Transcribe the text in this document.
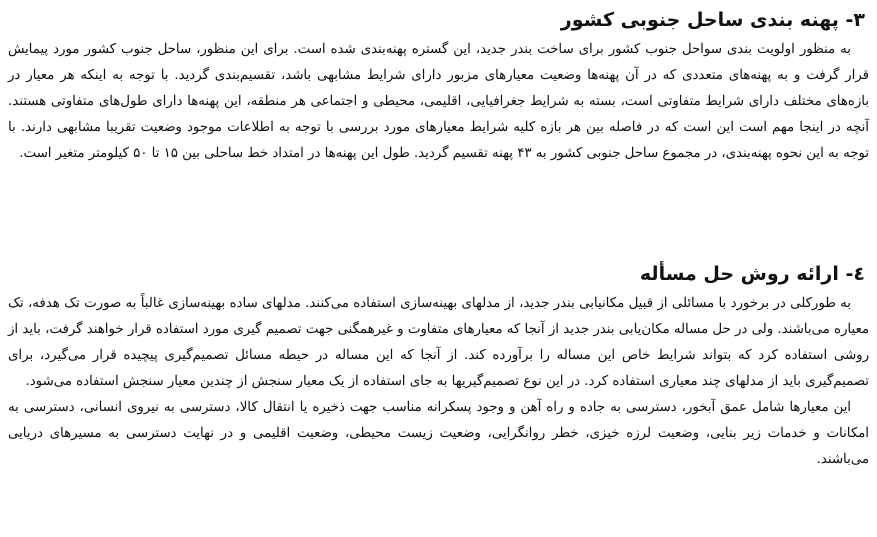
۳- پهنه بندی ساحل جنوبی کشور

به منظور اولویت بندی سواحل جنوب کشور برای ساخت بندر جدید، این گستره پهنه‌بندی شده است. برای این منظور، ساحل جنوب کشور مورد پیمایش قرار گرفت و به پهنه‌های متعددی که در آن پهنه‌ها وضعیت معیارهای مزبور دارای شرایط مشابهی باشد، تقسیم‌بندی گردید. با توجه به اینکه هر معیار در بازه‌های مختلف دارای شرایط متفاوتی است، بسته به شرایط جغرافیایی، اقلیمی، محیطی و اجتماعی هر منطقه، این پهنه‌ها دارای طول‌های متفاوتی هستند. آنچه در اینجا مهم است این است که در فاصله بین هر بازه کلیه شرایط معیارهای مورد بررسی با توجه به اطلاعات موجود وضعیت تقریبا مشابهی دارند. با توجه به این نحوه پهنه‌بندی، در مجموع ساحل جنوبی کشور به ۴۳ پهنه تقسیم گردید. طول این پهنه‌ها در امتداد خط ساحلی بین ۱۵ تا ۵۰ کیلومتر متغیر است.

٤- ارائه روش حل مسأله

به طورکلی در برخورد با مسائلی از قبیل مکانیابی بندر جدید، از مدلهای بهینه‌سازی استفاده می‌کنند. مدلهای ساده بهینه‌سازی غالباً به صورت تک هدفه، تک معیاره می‌باشند. ولی در حل مساله مکان‌یابی بندر جدید از آنجا که معیارهای متفاوت و غیرهمگنی جهت تصمیم گیری مورد استفاده قرار خواهند گرفت، باید از روشی استفاده کرد که بتواند شرایط خاص این مساله را برآورده کند. از آنجا که این مساله در حیطه مسائل تصمیم‌گیری پیچیده قرار می‌گیرد، برای تصمیم‌گیری باید از مدلهای چند معیاری استفاده کرد. در این نوع تصمیم‌گیریها به جای استفاده از یک معیار سنجش از چندین معیار سنجش استفاده می‌شود.

این معیارها شامل عمق آبخور، دسترسی به جاده و راه آهن و وجود پسکرانه مناسب جهت ذخیره یا انتقال کالا، دسترسی به نیروی انسانی، دسترسی به امکانات و خدمات زیر بنایی، وضعیت لرزه خیزی، خطر روانگرایی، وضعیت زیست محیطی، وضعیت اقلیمی و در نهایت دسترسی به مسیرهای دریایی می‌باشند.
